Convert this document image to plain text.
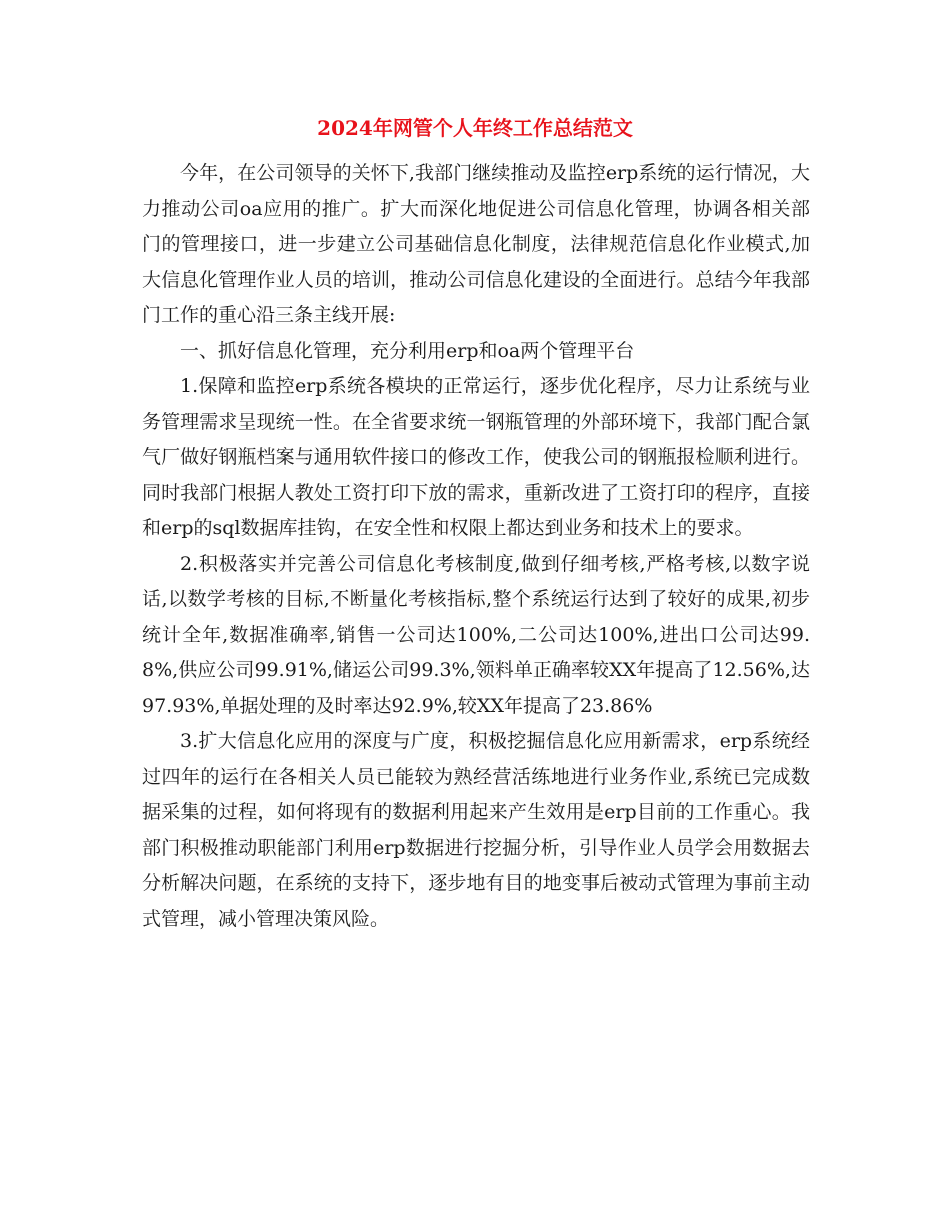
2024年网管个人年终工作总结范文

今年，在公司领导的关怀下,我部门继续推动及监控erp系统的运行情况，大力推动公司oa应用的推广。扩大而深化地促进公司信息化管理，协调各相关部门的管理接口，进一步建立公司基础信息化制度，法律规范信息化作业模式,加大信息化管理作业人员的培训，推动公司信息化建设的全面进行。总结今年我部门工作的重心沿三条主线开展:

一、抓好信息化管理，充分利用erp和oa两个管理平台

1.保障和监控erp系统各模块的正常运行，逐步优化程序，尽力让系统与业务管理需求呈现统一性。在全省要求统一钢瓶管理的外部环境下，我部门配合氯气厂做好钢瓶档案与通用软件接口的修改工作，使我公司的钢瓶报检顺利进行。同时我部门根据人教处工资打印下放的需求，重新改进了工资打印的程序，直接和erp的sql数据库挂钩，在安全性和权限上都达到业务和技术上的要求。

2.积极落实并完善公司信息化考核制度,做到仔细考核,严格考核,以数字说话,以数学考核的目标,不断量化考核指标,整个系统运行达到了较好的成果,初步统计全年,数据准确率,销售一公司达100%,二公司达100%,进出口公司达99.8%,供应公司99.91%,储运公司99.3%,领料单正确率较XX年提高了12.56%,达97.93%,单据处理的及时率达92.9%,较XX年提高了23.86%

3.扩大信息化应用的深度与广度，积极挖掘信息化应用新需求，erp系统经过四年的运行在各相关人员已能较为熟经营活练地进行业务作业,系统已完成数据采集的过程，如何将现有的数据利用起来产生效用是erp目前的工作重心。我部门积极推动职能部门利用erp数据进行挖掘分析，引导作业人员学会用数据去分析解决问题，在系统的支持下，逐步地有目的地变事后被动式管理为事前主动式管理，减小管理决策风险。
